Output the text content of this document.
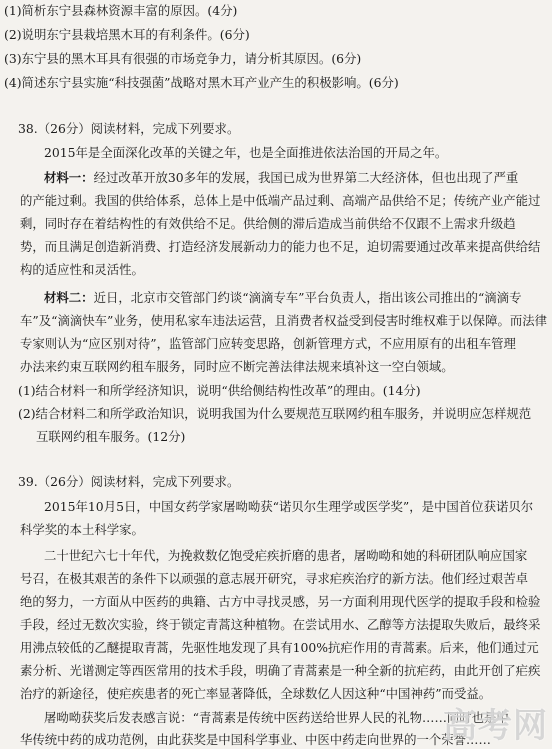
(1)简析东宁县森林资源丰富的原因。(4分)
(2)说明东宁县栽培黑木耳的有利条件。(6分)
(3)东宁县的黑木耳具有很强的市场竞争力，请分析其原因。(6分)
(4)简述东宁县实施“科技强菌”战略对黑木耳产业产生的积极影响。(6分)
38.（26分）阅读材料，完成下列要求。
2015年是全面深化改革的关键之年，也是全面推进依法治国的开局之年。
材料一：经过改革开放30多年的发展，我国已成为世界第二大经济体，但也出现了严重
的产能过剩。我国的供给体系，总体上是中低端产品过剩、高端产品供给不足；传统产业产能过
剩，同时存在着结构性的有效供给不足。供给侧的滞后造成当前供给不仅跟不上需求升级趋
势，而且满足创造新消费、打造经济发展新动力的能力也不足，迫切需要通过改革来提高供给结
构的适应性和灵活性。
材料二：近日，北京市交管部门约谈“滴滴专车”平台负责人，指出该公司推出的“滴滴专
车”及“滴滴快车”业务，使用私家车违法运营，且消费者权益受到侵害时维权难于以保障。而法律
专家则认为“应区别对待”，监管部门应转变思路，创新管理方式，不应用原有的出租车管理
办法来约束互联网约租车服务，同时应不断完善法律法规来填补这一空白领域。
(1)结合材料一和所学经济知识，说明“供给侧结构性改革”的理由。(14分)
(2)结合材料二和所学政治知识，说明我国为什么要规范互联网约租车服务，并说明应怎样规范
互联网约租车服务。(12分)
39.（26分）阅读材料，完成下列要求。
2015年10月5日，中国女药学家屠呦呦获“诺贝尔生理学或医学奖”，是中国首位获诺贝尔
科学奖的本土科学家。
二十世纪六七十年代，为挽救数亿饱受疟疾折磨的患者，屠呦呦和她的科研团队响应国家
号召，在极其艰苦的条件下以顽强的意志展开研究，寻求疟疾治疗的新方法。他们经过艰苦卓
绝的努力，一方面从中医药的典籍、古方中寻找灵感，另一方面利用现代医学的提取手段和检验
手段，经过无数次实验，终于锁定青蒿这种植物。在尝试用水、乙醇等方法提取失败后，最终采
用沸点较低的乙醚提取青蒿，先驱性地发现了具有100%抗疟作用的青蒿素。后来，他们通过元
素分析、光谱测定等西医常用的技术手段，明确了青蒿素是一种全新的抗疟药，由此开创了疟疾
治疗的新途径，使疟疾患者的死亡率显著降低，全球数亿人因这种“中国神药”而受益。
屠呦呦获奖后发表感言说：“青蒿素是传统中医药送给世界人民的礼物……同时也是中
华传统中药的成功范例，由此获奖是中国科学事业、中医中药走向世界的一个荣誉……
高考网
